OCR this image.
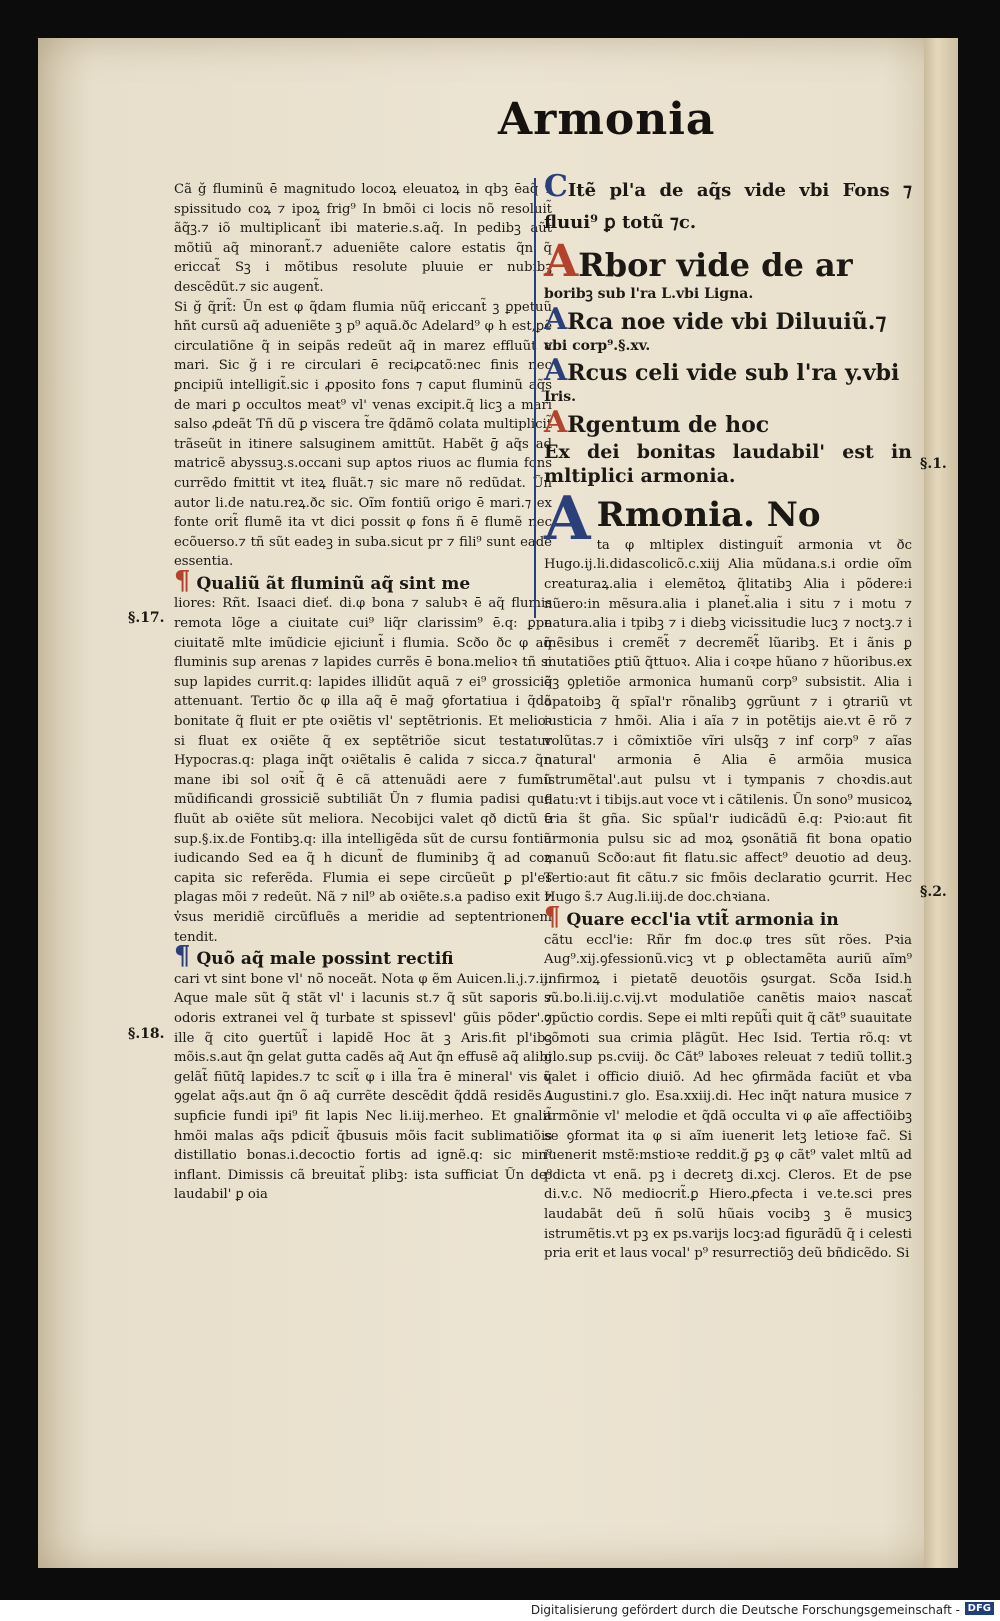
Armonia

Cã ğ fluminũ ē magnitudo locoꝝ eleuatoꝝ in qbꝫ ēaq̃ ⁊ spissitudo coꝝ ⁊ ipoꝝ frig⁹ In bmõi ci locis nõ resoluit̃ ãq̃ꝫ.⁊ iõ multiplicant̃ ibi materie.s.aq̃. In pedibꝫ aũt mõtiũ aq̃ minorant̃.⁊ adueniẽte calore estatis q̃n q̃ ericcat̃ Sꝫ i mõtibus resolute pluuie er nubibꝫ descẽdũt.⁊ sic augent̃.

Si ğ q̃rit̃: Ũn est φ q̃dam flumia nũq̃ ericcant̃ ꝫ ꝑpetuũ hñt cursũ aq̃ adueniẽte ꝫ p⁹ aquã.ðc Adelard⁹ φ h est,ꝑẽ circulatiõne q̃ in seipãs redeũt aq̃ in marez effluũt a mari. Sic ğ i re circulari ē reciꝓcatõ:nec finis nec ꝑncipiũ intelligit̃.sic i ꝓposito fons ⁊ caput fluminũ aq̃s de mari ꝑ occultos meat⁹ vl' venas excipit.q̃ licꝫ a mari salso ꝓdeãt Tñ dũ ꝑ viscera t̃re q̃dãmõ colata multiplicit̃ trãseũt in itinere salsuginem amittũt. Habẽt ḡ aq̃s ad matricẽ abyssuꝫ.s.occani sup aptos riuos ac flumia fons currẽdo fmittit vt iteꝝ fluãt.⁊ sic mare nõ redũdat. Ũn autor li.de natu.reꝝ.ðc sic. Oĩm fontiũ origo ē mari.⁊ ex fonte orit̃ flumẽ ita vt dici possit φ fons ñ ē flumẽ nec ecõuerso.⁊ tñ sũt eadeꝫ in suba.sicut pr ⁊ fili⁹ sunt eadẽ essentia.

¶ Qualiũ ãt fluminũ aq̃ sint me

liores: Rñt. Isaaci dieť. di.φ bona ⁊ salubꝛ ē aq̃ flumis remota lõge a ciuitate cui⁹ liq̃r clarissim⁹ ē.q: ꝑpe ciuitatẽ mlte imũdicie ejiciunt̃ i flumia. Scðo ðc φ aq̃ fluminis sup arenas ⁊ lapides currẽs ē bona.melioꝛ tñ si sup lapides currit.q: lapides illidũt aquã ⁊ ei⁹ grossiciẽ attenuant. Tertio ðc φ illa aq̃ ē mag̃ ꝯfortatiua i q̃dã bonitate q̃ fluit er pte oꝛiẽtis vl' septẽtrionis. Et melioꝛ si fluat ex oꝛiẽte q̃ ex septẽtriõe sicut testatur Hypocras.q: plaga inq̃t oꝛiẽtalis ē calida ⁊ sicca.⁊ q̃n mane ibi sol oꝛit̃ q̃ ē cã attenuãdi aere ⁊ fumũ mũdificandi grossiciẽ subtiliãt Ũn ⁊ flumia padisi que fluũt ab oꝛiẽte sũt meliora. Necobijci valet qð dictũ ē sup.§.ix.de Fontibꝫ.q: illa intelligẽda sũt de cursu fontiũ iudicando Sed ea q̃ h dicunt̃ de fluminibꝫ q̃ ad coꝝ capita sic referẽda. Flumia ei sepe circũeũt ꝑ pl'es plagas mõi ⁊ redeũt. Nã ⁊ nil⁹ ab oꝛiẽte.s.a padiso exit ⁊ v̓sus meridiẽ circũfluẽs a meridie ad septentrionem tendit.

¶ Quõ aq̃ male possint rectifi

cari vt sint bone vl' nõ noceãt. Nota φ ẽm Auicen.li.j.⁊.ij. Aque male sũt q̃ stãt vl' i lacunis st.⁊ q̃ sũt saporis ⁊ odoris extranei vel q̃ turbate st spissevl' gũis põder'.⁊ ille q̃ cito ꝯuertũt̃ i lapidẽ Hoc ãt ꝫ Aris.fit pl'ibꝫ mõis.s.aut q̃n gelat gutta cadẽs aq̃ Aut q̃n effusẽ aq̃ alibi gelãt̃ fiũtq̃ lapides.⁊ tc scit̃ φ i illa t̃ra ē mineral' vis q̃ ꝯgelat aq̃s.aut q̃n õ aq̃ currẽte descẽdit q̃ddã residẽs i supficie fundi ipi⁹ fit lapis Nec li.iij.merheo. Et gnalit̃ hmõi malas aq̃s pdicit̃ q̃busuis mõis facit sublimatiõis distillatio bonas.i.decoctio fortis ad ignẽ.q: sic min⁹ inflant. Dimissis cã breuitat̃ plibꝫ: ista sufficiat Ũn de⁹ laudabil' ꝑ oia

§.17.
§.18.
§.1.
§.2.

CItẽ pl'a de aq̃s vide vbi Fons ⁊ fluui⁹ ꝑ totũ ⁊c.

ARbor vide de ar

boribꝫ sub l'ra L.vbi Ligna.

ARca noe vide vbi Diluuiũ.⁊

vbi corp⁹.§.xv.

ARcus celi vide sub l'ra y.vbi

Iris.

ARgentum de hoc

Ex dei bonitas laudabil' est in mltiplici armonia.

A Rmonia. No

ta φ mltiplex distinguit̃ armonia vt ðc Hugo.ij.li.didascolicõ.c.xiij Alia mũdana.s.i ordie oĩm creaturaꝝ.alia i elemẽtoꝝ q̃litatibꝫ Alia i põdere:i nũero:in mẽsura.alia i planet̃.alia i situ ⁊ i motu ⁊ natura.alia i tpibꝫ ⁊ i diebꝫ vicissitudie lucꝫ ⁊ noctꝫ.⁊ i mẽsibus i cremẽt̃ ⁊ decremẽt̃ lũaribꝫ. Et i ãnis ꝑ mutatiões ꝑtiũ q̃ttuoꝛ. Alia i coꝛpe hũano ⁊ hũoribus.ex q̃ꝫ ꝯpletiõe armonica humanũ corp⁹ subsistit. Alia i opatoibꝫ q̃ spĩal'r rõnalibꝫ ꝯgrũunt ⁊ i ꝯtrariũ vt iusticia ⁊ hmõi. Alia i aĩa ⁊ in potẽtijs aie.vt ē rõ ⁊ volũtas.⁊ i cõmixtiõe vĩri ulsq̃ꝫ ⁊ inf corp⁹ ⁊ aĩas natural' armonia ē Alia ē armõia musica istrumẽtal'.aut pulsu vt i tympanis ⁊ choꝛdis.aut flatu:vt i tibijs.aut voce vt i cãtilenis. Ũn sono⁹ musicoꝝ tria s̃t gña. Sic spũal'r iudicãdũ ē.q: Pꝛio:aut fit armonia pulsu sic ad moꝝ ꝯsonãtiã fit bona opatio manuũ Scðo:aut fit flatu.sic affect⁹ deuotio ad deuꝫ. Tertio:aut fit cãtu.⁊ sic fmõis declaratio ꝯcurrit. Hec Hugo s̃.⁊ Aug.li.iij.de doc.chꝛiana.

¶ Quare eccl'ia vtit̃ armonia in

cãtu eccl'ie: Rñr fm doc.φ tres sũt rões. Pꝛia Aug⁹.xij.ꝯfessionũ.vicꝫ vt ꝑ oblectamẽta auriũ aĩm⁹ infirmoꝝ i pietatẽ deuotõis ꝯsurgat. Scða Isid.h sũ.bo.li.iij.c.vij.vt modulatiõe canẽtis maioꝛ nascat̃ ꝯpũctio cordis. Sepe ei mlti repũt̃i quit q̃ cãt⁹ suauitate cõmoti sua crimia plãgũt. Hec Isid. Tertia rõ.q: vt glo.sup ps.cviij. ðc Cãt⁹ laboꝛes releuat ⁊ tediũ tollit.ꝫ valet i officio diuiõ. Ad hec ꝯfirmãda faciũt et vba Augustini.⁊ glo. Esa.xxiij.di. Hec inq̃t natura musice ⁊ armõnie vl' melodie et q̃dã occulta vi φ aĩe affectiõibꝫ se ꝯformat ita φ si aĩm iuenerit letꝫ letioꝛe fac̃. Si iuenerit mstẽ:mstioꝛe reddit.ğ ꝑꝫ φ cãt⁹ valet mltũ ad pdicta vt enã. pꝫ i decretꝫ di.xcj. Cleros. Et de pse di.v.c. Nõ mediocrit̃.ꝑ Hiero.ꝓfecta i ve.te.sci pres laudabãt deũ ñ solũ hũais vocibꝫ ꝫ ẽ musicꝫ istrumẽtis.vt pꝫ ex ps.varijs locꝫ:ad figurãdũ q̃ i celesti pria erit et laus vocal' p⁹ resurrectiõꝫ deũ bñdicẽdo. Si

Digitalisierung gefördert durch die Deutsche Forschungsgemeinschaft - DFG
